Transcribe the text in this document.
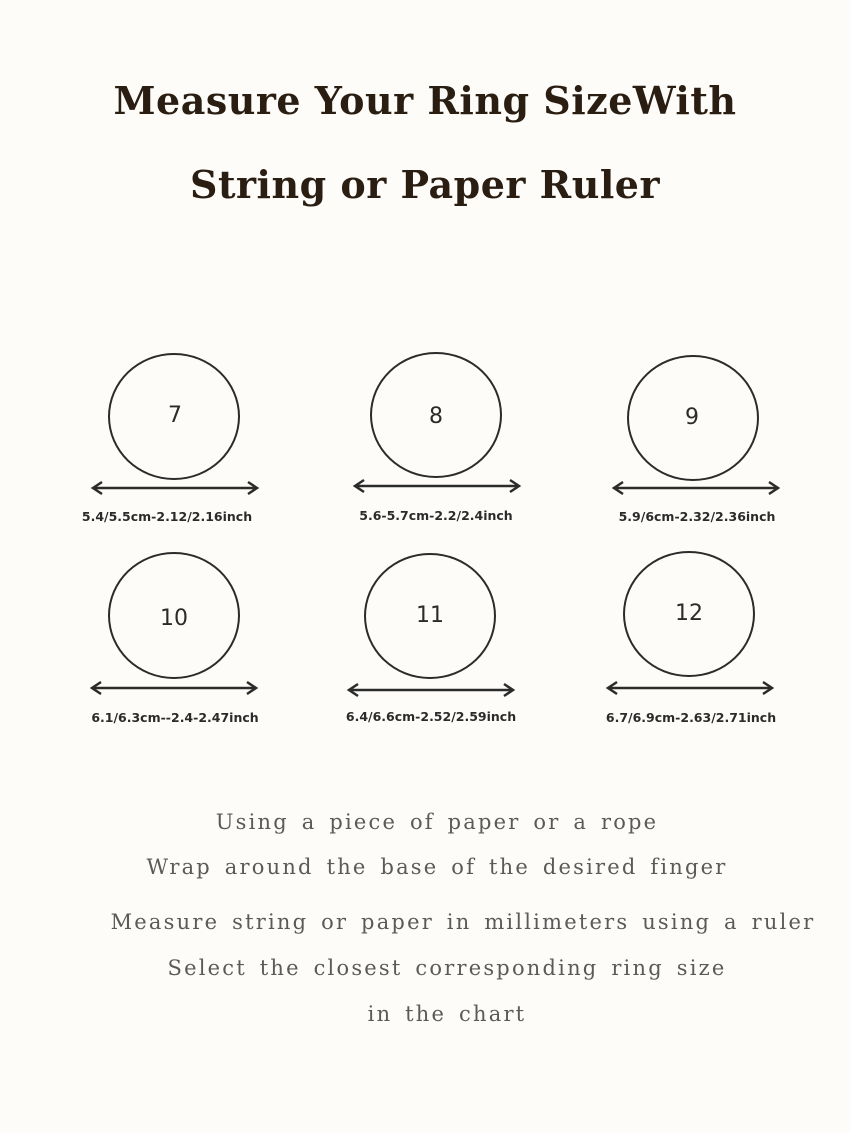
Measure Your Ring SizeWith
String or Paper Ruler
7
5.4/5.5cm-2.12/2.16inch
8
5.6-5.7cm-2.2/2.4inch
9
5.9/6cm-2.32/2.36inch
10
6.1/6.3cm--2.4-2.47inch
11
6.4/6.6cm-2.52/2.59inch
12
6.7/6.9cm-2.63/2.71inch
Using a piece of paper or a rope
Wrap around the base of the desired finger
Measure string or paper in millimeters using a ruler
Select the closest corresponding ring size
in the chart
